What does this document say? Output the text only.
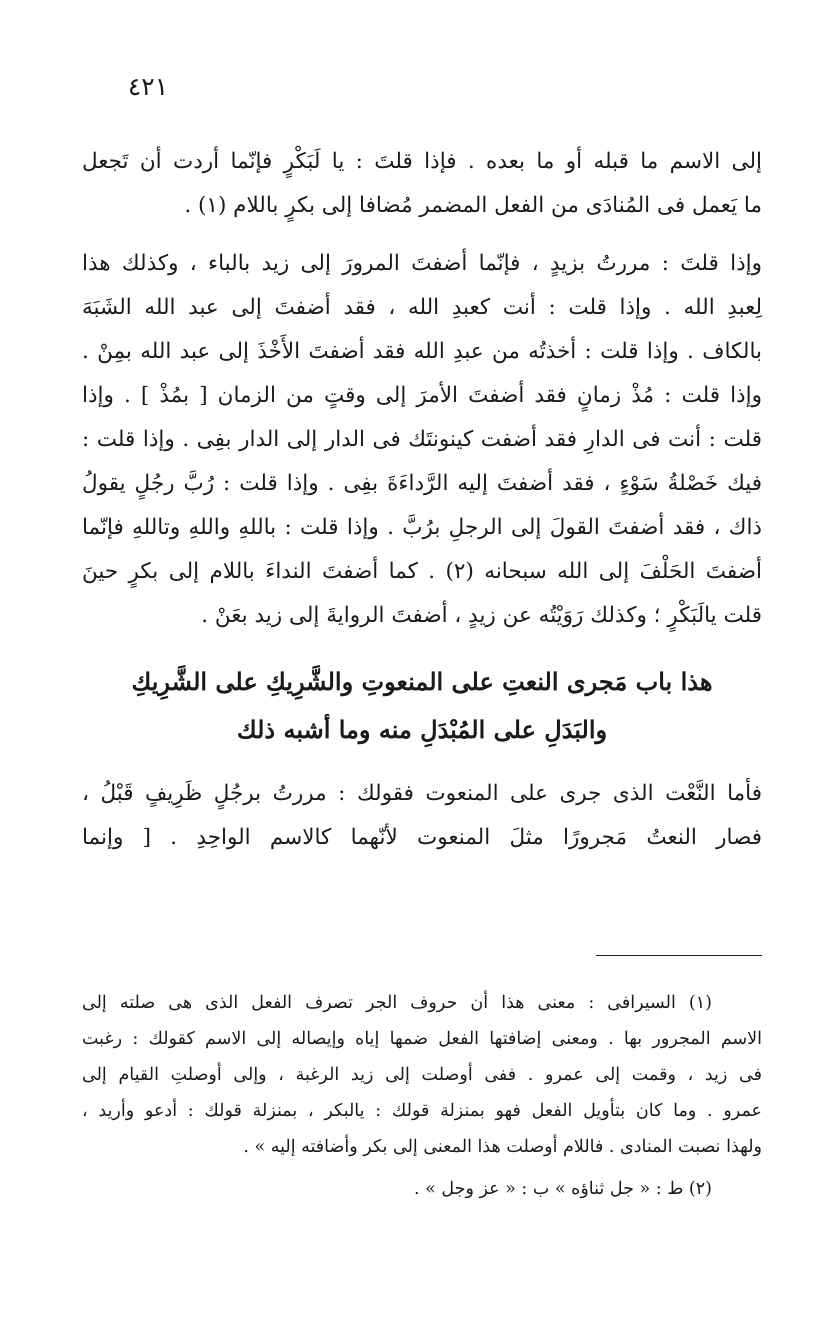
٤٢١
إلى الاسم ما قبله أو ما بعده . فإذا قلتَ : يا لَبَكْرٍ فإنّما أردت أن تَجعل
ما يَعمل فى المُنادَى من الفعل المضمر مُضافا إلى بكرٍ باللام (١) .
وإذا قلتَ : مررتُ بزيدٍ ، فإنّما أضفتَ المرورَ إلى زيد بالباء ، وكذلك هذا
لِعبدِ الله . وإذا قلت : أنت كعبدِ الله ، فقد أضفتَ إلى عبد الله الشَبَهَ
بالكاف . وإذا قلت : أخذتُه من عبدِ الله فقد أضفتَ الأَخْذَ إلى عبد الله بمِنْ .
وإذا قلت : مُذْ زمانٍ فقد أضفتَ الأمرَ إلى وقتٍ من الزمان [ بمُذْ ] . وإذا
قلت : أنت فى الدارِ فقد أضفت كينونتَك فى الدار إلى الدار بفِى . وإذا قلت :
فيك خَصْلةُ سَوْءٍ ، فقد أضفتَ إليه الرَّداءَةَ بفِى . وإذا قلت : رُبَّ رجُلٍ يقولُ
ذاك ، فقد أضفتَ القولَ إلى الرجلِ برُبَّ . وإذا قلت : باللهِ واللهِ وتاللهِ فإنّما
أضفتَ الحَلْفَ إلى الله سبحانه (٢) . كما أضفتَ النداءَ باللام إلى بكرٍ حينَ
قلت يالَبَكْرٍ ؛ وكذلك رَوَيْتُه عن زيدٍ ، أضفتَ الروايةَ إلى زيد بعَنْ .
هذا باب مَجرى النعتِ على المنعوتِ والشَّرِيكِ على الشَّرِيكِ
والبَدَلِ على المُبْدَلِ منه وما أشبه ذلك
فأما النَّعْت الذى جرى على المنعوت فقولك : مررتُ برجُلٍ ظَرِيفٍ قَبْلُ ،
فصار النعتُ مَجرورًا مثلَ المنعوت لأنّهما كالاسم الواحِدِ . [ وإنما
(١) السيرافى : معنى هذا أن حروف الجر تصرف الفعل الذى هى صلته إلى
الاسم المجرور بها . ومعنى إضافتها الفعل ضمها إياه وإيصاله إلى الاسم كقولك : رغبت
فى زيد ، وقمت إلى عمرو . ففى أوصلت إلى زيد الرغبة ، وإلى أوصلتِ القيام إلى
عمرو . وما كان بتأويل الفعل فهو بمنزلة قولك : يالبكر ، بمنزلة قولك : أدعو وأريد ،
ولهذا نصبت المنادى . فاللام أوصلت هذا المعنى إلى بكر وأضافته إليه » .
(٢) ط : « جل ثناؤه » ب : « عز وجل » .
